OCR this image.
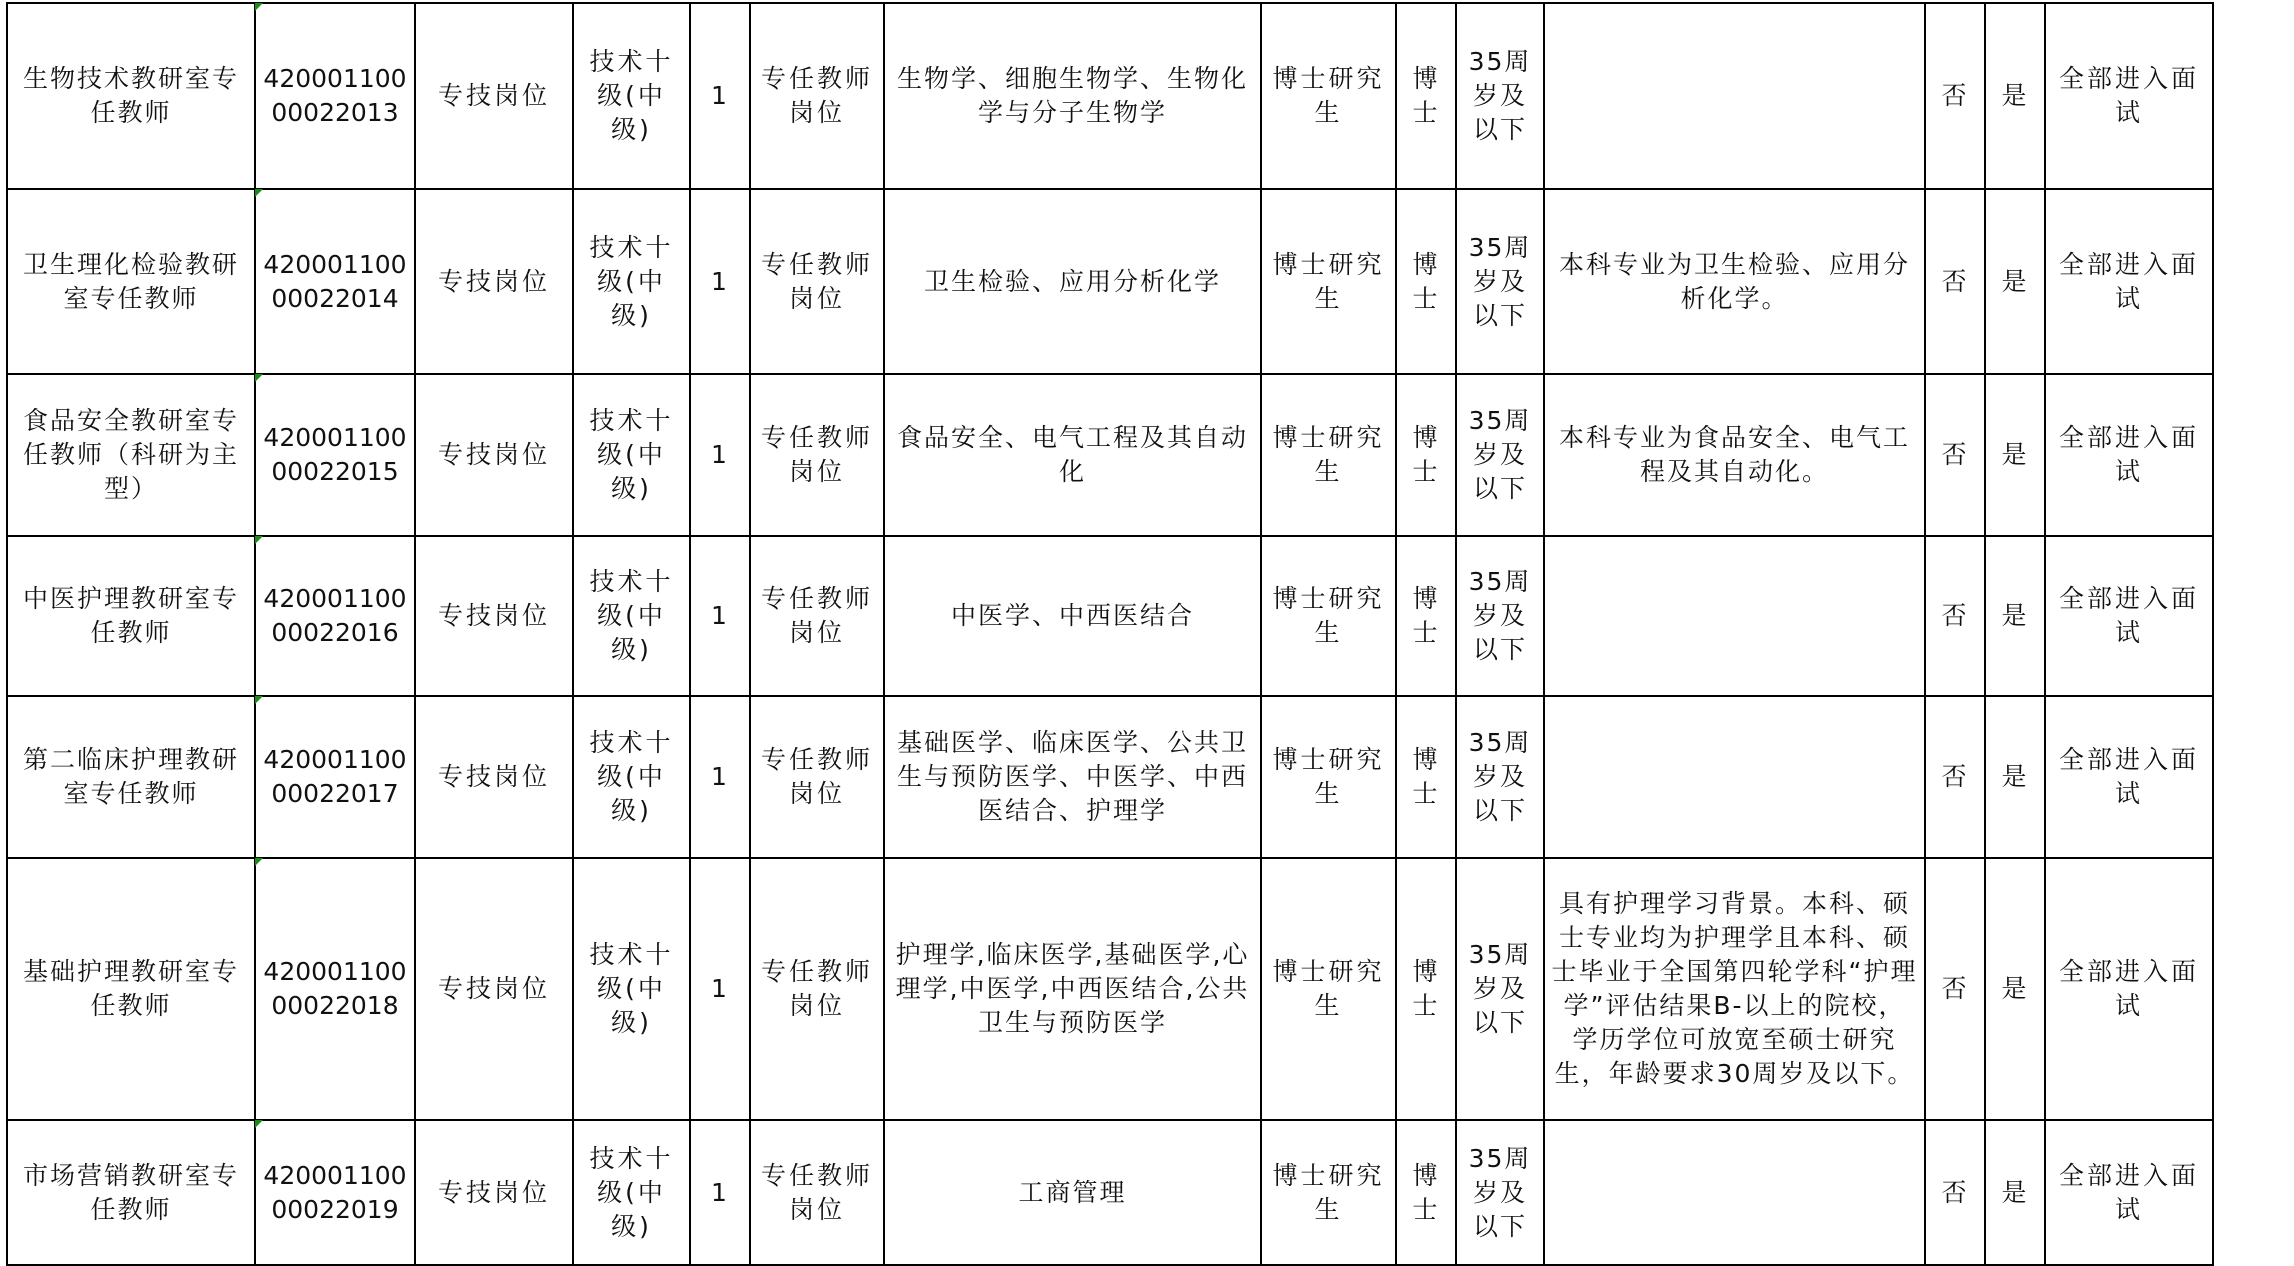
生物技术教研室专任教师	42000110000022013	专技岗位	技术十级(中级)	1	专任教师岗位	生物学、细胞生物学、生物化学与分子生物学	博士研究生	博士	35周岁及以下		否	是	全部进入面试
卫生理化检验教研室专任教师	42000110000022014	专技岗位	技术十级(中级)	1	专任教师岗位	卫生检验、应用分析化学	博士研究生	博士	35周岁及以下	本科专业为卫生检验、应用分析化学。	否	是	全部进入面试
食品安全教研室专任教师（科研为主型）	42000110000022015	专技岗位	技术十级(中级)	1	专任教师岗位	食品安全、电气工程及其自动化	博士研究生	博士	35周岁及以下	本科专业为食品安全、电气工程及其自动化。	否	是	全部进入面试
中医护理教研室专任教师	42000110000022016	专技岗位	技术十级(中级)	1	专任教师岗位	中医学、中西医结合	博士研究生	博士	35周岁及以下		否	是	全部进入面试
第二临床护理教研室专任教师	42000110000022017	专技岗位	技术十级(中级)	1	专任教师岗位	基础医学、临床医学、公共卫生与预防医学、中医学、中西医结合、护理学	博士研究生	博士	35周岁及以下		否	是	全部进入面试
基础护理教研室专任教师	42000110000022018	专技岗位	技术十级(中级)	1	专任教师岗位	护理学,临床医学,基础医学,心理学,中医学,中西医结合,公共卫生与预防医学	博士研究生	博士	35周岁及以下	具有护理学习背景。本科、硕士专业均为护理学且本科、硕士毕业于全国第四轮学科“护理学”评估结果B-以上的院校，学历学位可放宽至硕士研究生，年龄要求30周岁及以下。	否	是	全部进入面试
市场营销教研室专任教师	42000110000022019	专技岗位	技术十级(中级)	1	专任教师岗位	工商管理	博士研究生	博士	35周岁及以下		否	是	全部进入面试
